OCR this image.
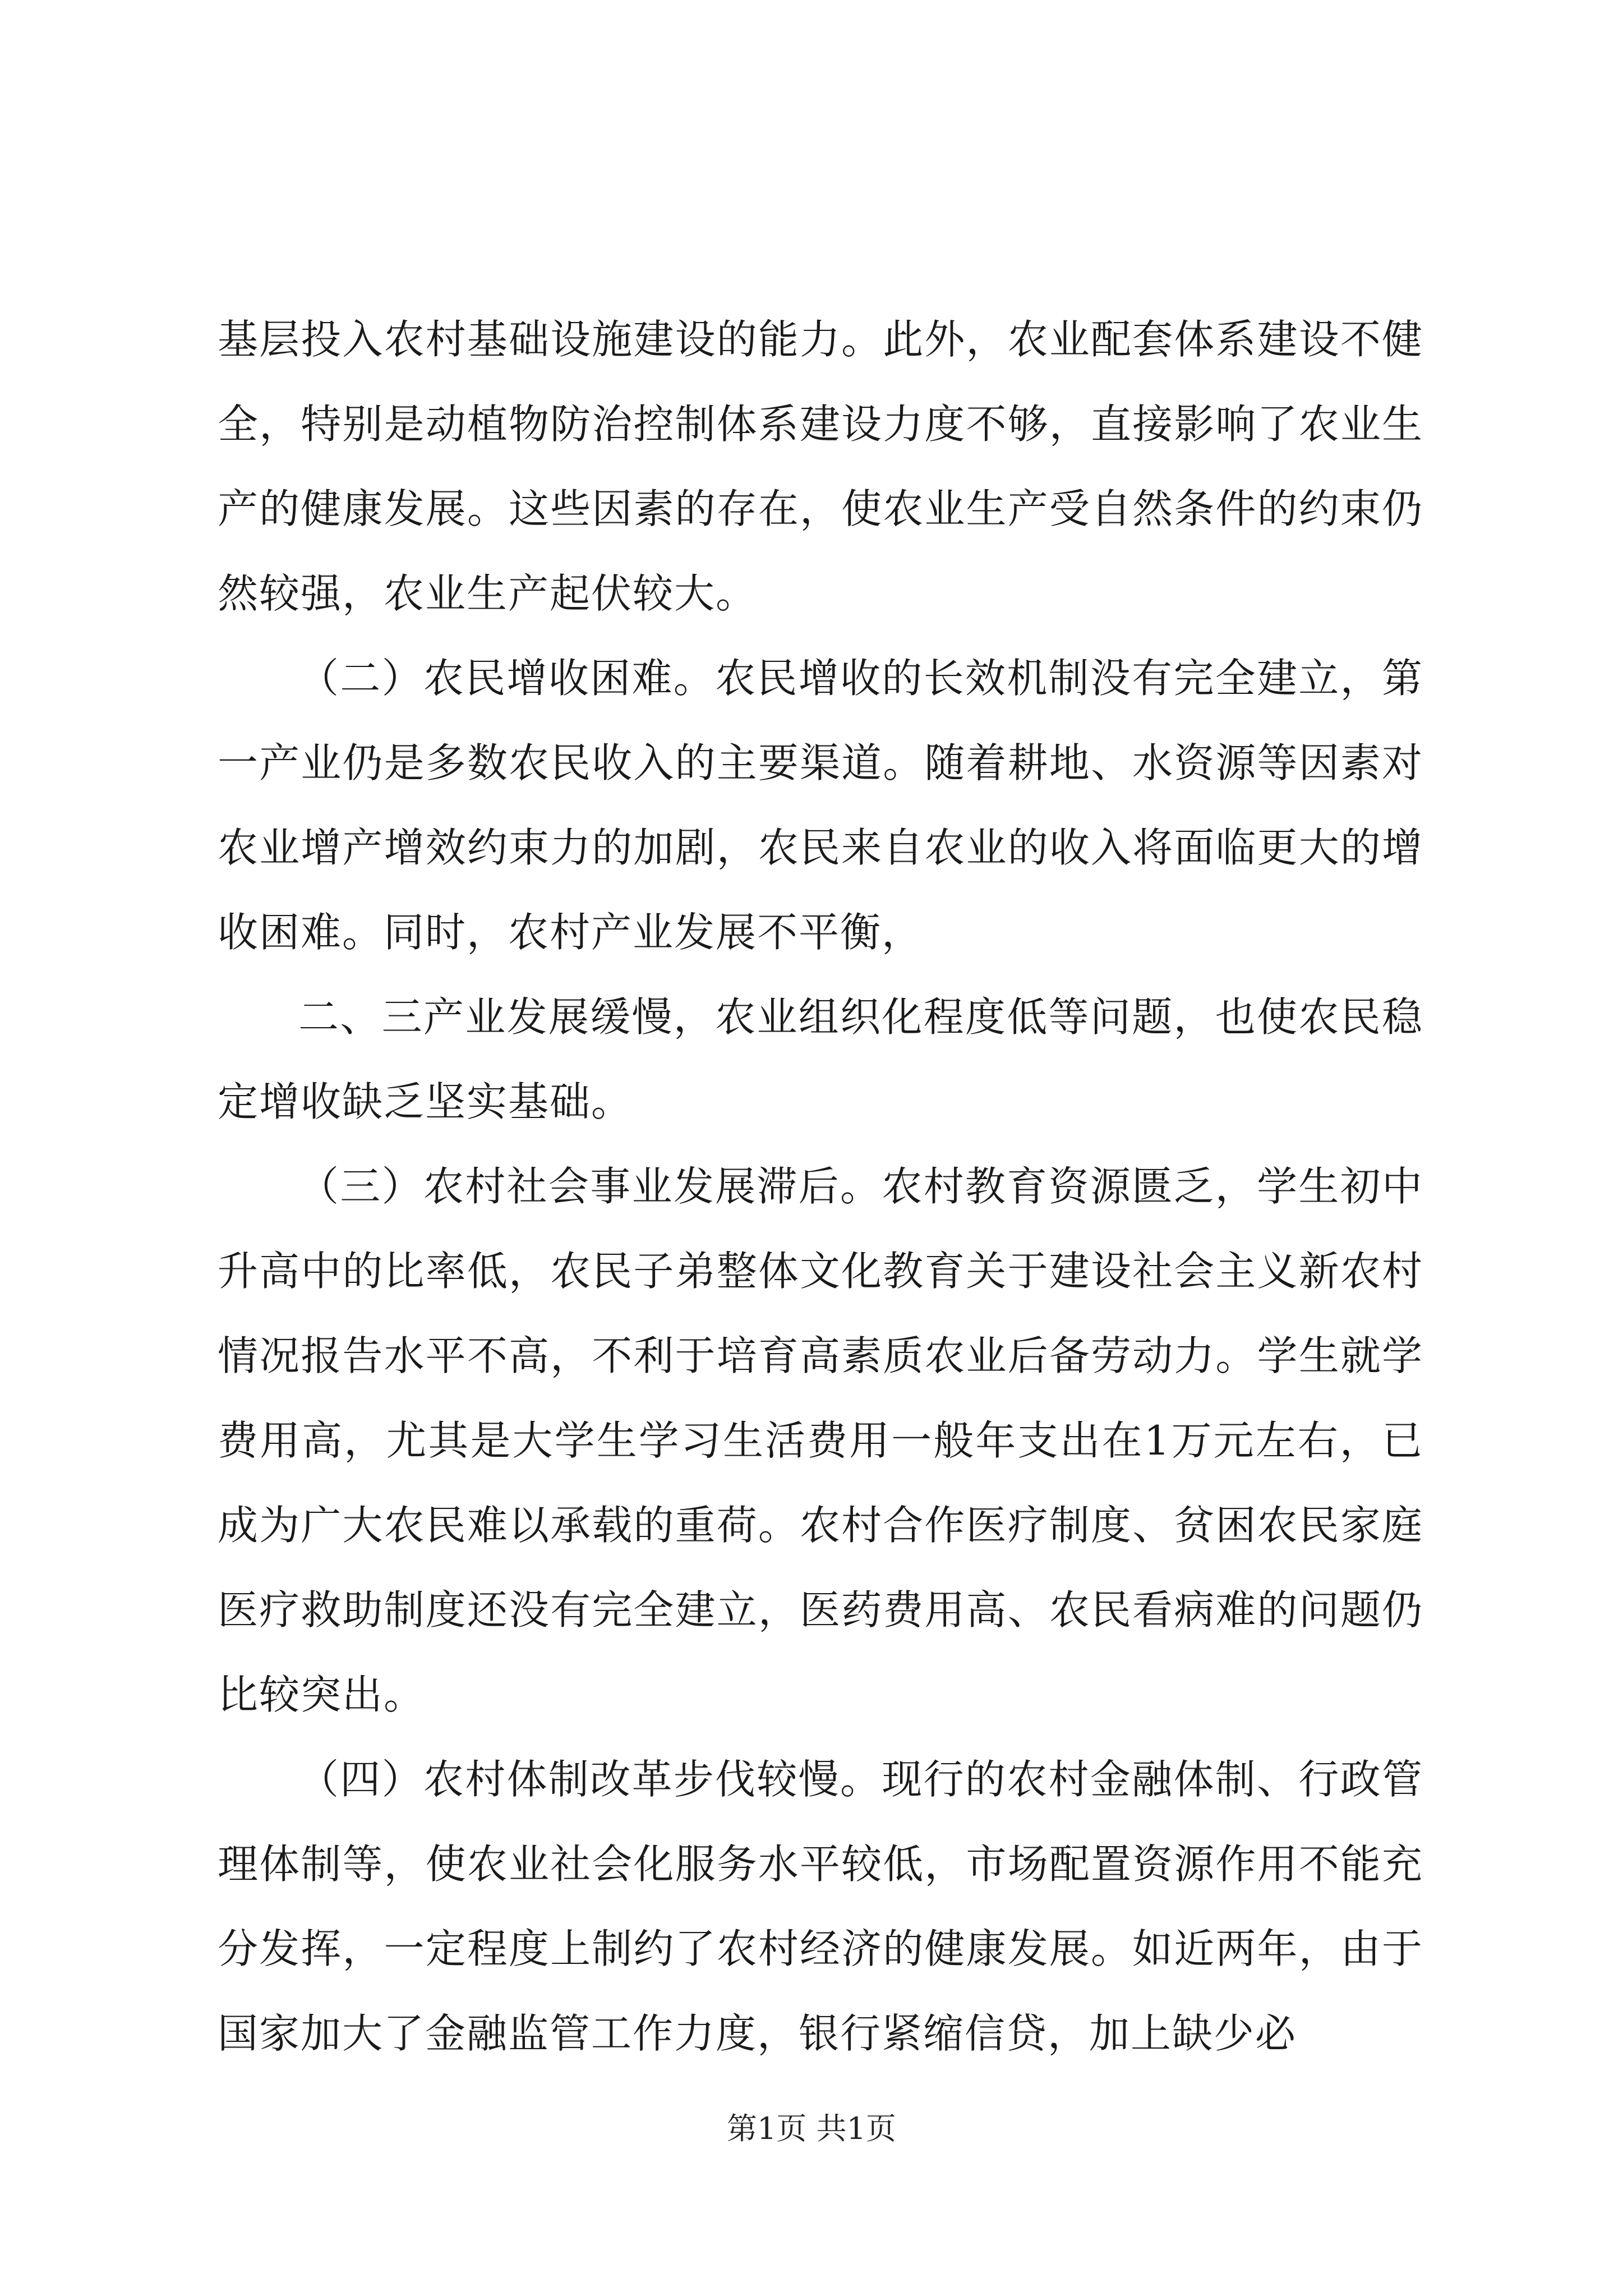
基层投入农村基础设施建设的能力。此外，农业配套体系建设不健全，特别是动植物防治控制体系建设力度不够，直接影响了农业生产的健康发展。这些因素的存在，使农业生产受自然条件的约束仍然较强，农业生产起伏较大。

（二）农民增收困难。农民增收的长效机制没有完全建立，第一产业仍是多数农民收入的主要渠道。随着耕地、水资源等因素对农业增产增效约束力的加剧，农民来自农业的收入将面临更大的增收困难。同时，农村产业发展不平衡，

二、三产业发展缓慢，农业组织化程度低等问题，也使农民稳定增收缺乏坚实基础。

（三）农村社会事业发展滞后。农村教育资源匮乏，学生初中升高中的比率低，农民子弟整体文化教育关于建设社会主义新农村情况报告水平不高，不利于培育高素质农业后备劳动力。学生就学费用高，尤其是大学生学习生活费用一般年支出在1万元左右，已成为广大农民难以承载的重荷。农村合作医疗制度、贫困农民家庭医疗救助制度还没有完全建立，医药费用高、农民看病难的问题仍比较突出。

（四）农村体制改革步伐较慢。现行的农村金融体制、行政管理体制等，使农业社会化服务水平较低，市场配置资源作用不能充分发挥，一定程度上制约了农村经济的健康发展。如近两年，由于国家加大了金融监管工作力度，银行紧缩信贷，加上缺少必

第1页 共1页
